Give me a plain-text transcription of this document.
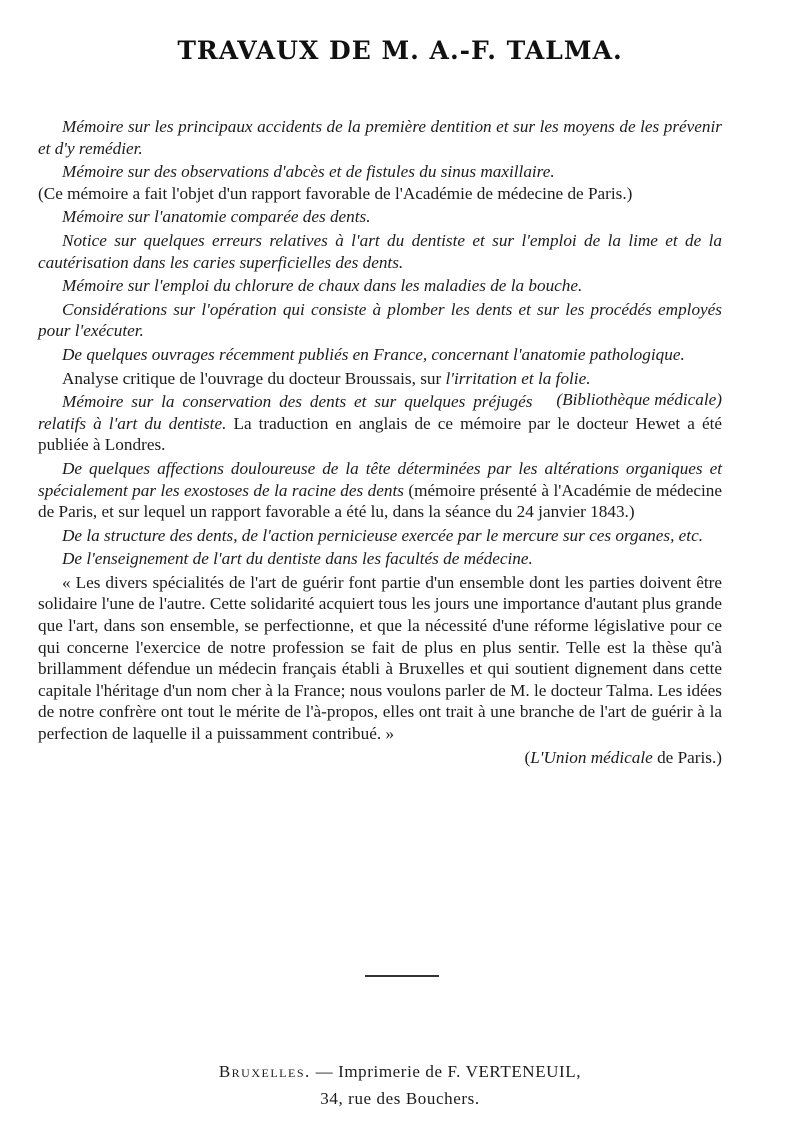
TRAVAUX DE M. A.-F. TALMA.

Mémoire sur les principaux accidents de la première dentition et sur les moyens de les prévenir et d'y remédier.

Mémoire sur des observations d'abcès et de fistules du sinus maxillaire.
(Ce mémoire a fait l'objet d'un rapport favorable de l'Académie de médecine de Paris.)

Mémoire sur l'anatomie comparée des dents.

Notice sur quelques erreurs relatives à l'art du dentiste et sur l'emploi de la lime et de la cautérisation dans les caries superficielles des dents.

Mémoire sur l'emploi du chlorure de chaux dans les maladies de la bouche.

Considérations sur l'opération qui consiste à plomber les dents et sur les procédés employés pour l'exécuter.

De quelques ouvrages récemment publiés en France, concernant l'anatomie pathologique.

Analyse critique de l'ouvrage du docteur Broussais, sur l'irritation et la folie.
(Bibliothèque médicale)

Mémoire sur la conservation des dents et sur quelques préjugés relatifs à l'art du dentiste. La traduction en anglais de ce mémoire par le docteur Hewet a été publiée à Londres.

De quelques affections douloureuse de la tête déterminées par les altérations organiques et spécialement par les exostoses de la racine des dents (mémoire présenté à l'Académie de médecine de Paris, et sur lequel un rapport favorable a été lu, dans la séance du 24 janvier 1843.)

De la structure des dents, de l'action pernicieuse exercée par le mercure sur ces organes, etc.

De l'enseignement de l'art du dentiste dans les facultés de médecine.

« Les divers spécialités de l'art de guérir font partie d'un ensemble dont les parties doivent être solidaire l'une de l'autre. Cette solidarité acquiert tous les jours une importance d'autant plus grande que l'art, dans son ensemble, se perfectionne, et que la nécessité d'une réforme législative pour ce qui concerne l'exercice de notre profession se fait de plus en plus sentir. Telle est la thèse qu'à brillamment défendue un médecin français établi à Bruxelles et qui soutient dignement dans cette capitale l'héritage d'un nom cher à la France; nous voulons parler de M. le docteur Talma. Les idées de notre confrère ont tout le mérite de l'à-propos, elles ont trait à une branche de l'art de guérir à la perfection de laquelle il a puissamment contribué. »

(L'Union médicale de Paris.)

Bruxelles. — Imprimerie de F. VERTENEUIL,
34, rue des Bouchers.
